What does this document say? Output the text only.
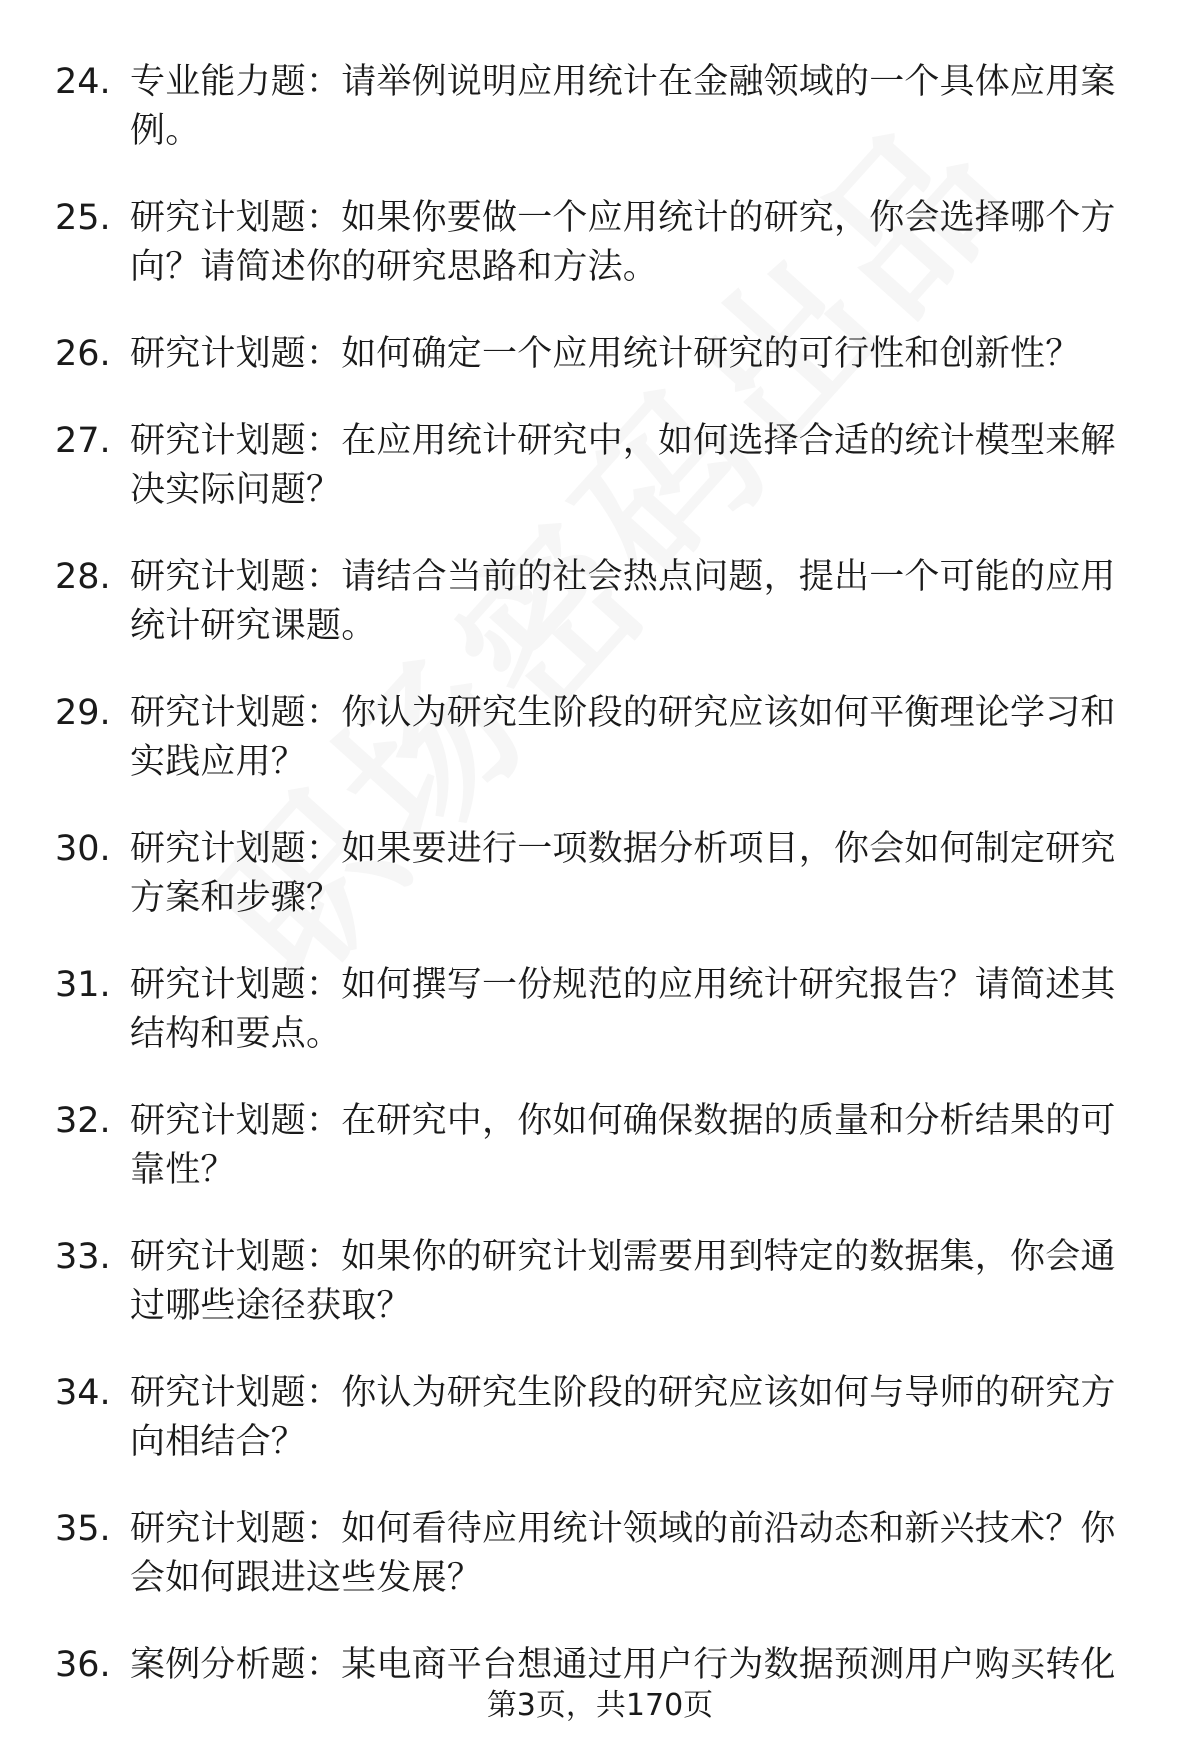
24. 专业能力题：请举例说明应用统计在金融领域的一个具体应用案例。
25. 研究计划题：如果你要做一个应用统计的研究，你会选择哪个方向？请简述你的研究思路和方法。
26. 研究计划题：如何确定一个应用统计研究的可行性和创新性？
27. 研究计划题：在应用统计研究中，如何选择合适的统计模型来解决实际问题？
28. 研究计划题：请结合当前的社会热点问题，提出一个可能的应用统计研究课题。
29. 研究计划题：你认为研究生阶段的研究应该如何平衡理论学习和实践应用？
30. 研究计划题：如果要进行一项数据分析项目，你会如何制定研究方案和步骤？
31. 研究计划题：如何撰写一份规范的应用统计研究报告？请简述其结构和要点。
32. 研究计划题：在研究中，你如何确保数据的质量和分析结果的可靠性？
33. 研究计划题：如果你的研究计划需要用到特定的数据集，你会通过哪些途径获取？
34. 研究计划题：你认为研究生阶段的研究应该如何与导师的研究方向相结合？
35. 研究计划题：如何看待应用统计领域的前沿动态和新兴技术？你会如何跟进这些发展？
36. 案例分析题：某电商平台想通过用户行为数据预测用户购买转化
第3页，共170页
